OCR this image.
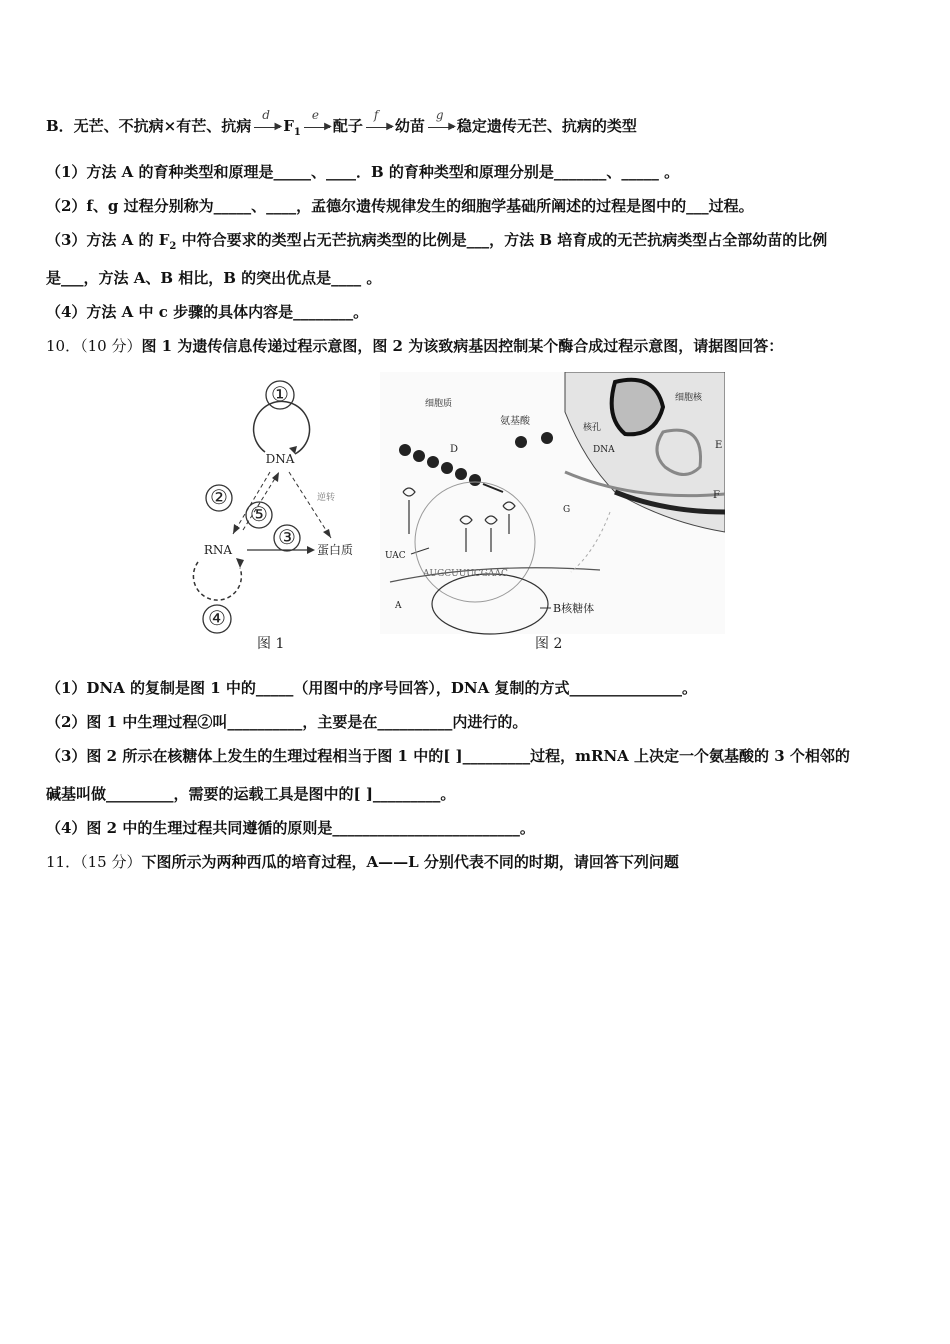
B．无芒、不抗病×有芒、抗病
d
▶ $F_1$
e
▶ 配子
f
▶ 幼苗
g
▶ 稳定遗传无芒、抗病的类型
（1）方法 A 的育种类型和原理是_____、____．B 的育种类型和原理分别是_______、_____ 。
（2）f、g 过程分别称为_____、____，孟德尔遗传规律发生的细胞学基础所阐述的过程是图中的___过程。
（3）方法 A 的 $F_2$ 中符合要求的类型占无芒抗病类型的比例是___，方法 B 培育成的无芒抗病类型占全部幼苗的比例
是___，方法 A、B 相比，B 的突出优点是____ 。
（4）方法 A 中 c 步骤的具体内容是________。
10．（10 分）图 1 为遗传信息传递过程示意图，图 2 为该致病基因控制某个酶合成过程示意图，请据图回答：
①
DNA
逆转
②
⑤
③
RNA	蛋白质
④
图 1
细胞核
核孔
DNA	E
F
细胞质
氨基酸
D
UAC
G
AUGCUUUCGAAC
A	B核糖体
图 2
（1）DNA 的复制是图 1 中的_____（用图中的序号回答），DNA 复制的方式_______________。
（2）图 1 中生理过程②叫__________，主要是在__________内进行的。
（3）图 2 所示在核糖体上发生的生理过程相当于图 1 中的[ ]_________过程，mRNA 上决定一个氨基酸的 3 个相邻的
碱基叫做_________，需要的运载工具是图中的[ ]_________。
（4）图 2 中的生理过程共同遵循的原则是_________________________。
11．（15 分）下图所示为两种西瓜的培育过程，A——L 分别代表不同的时期，请回答下列问题
